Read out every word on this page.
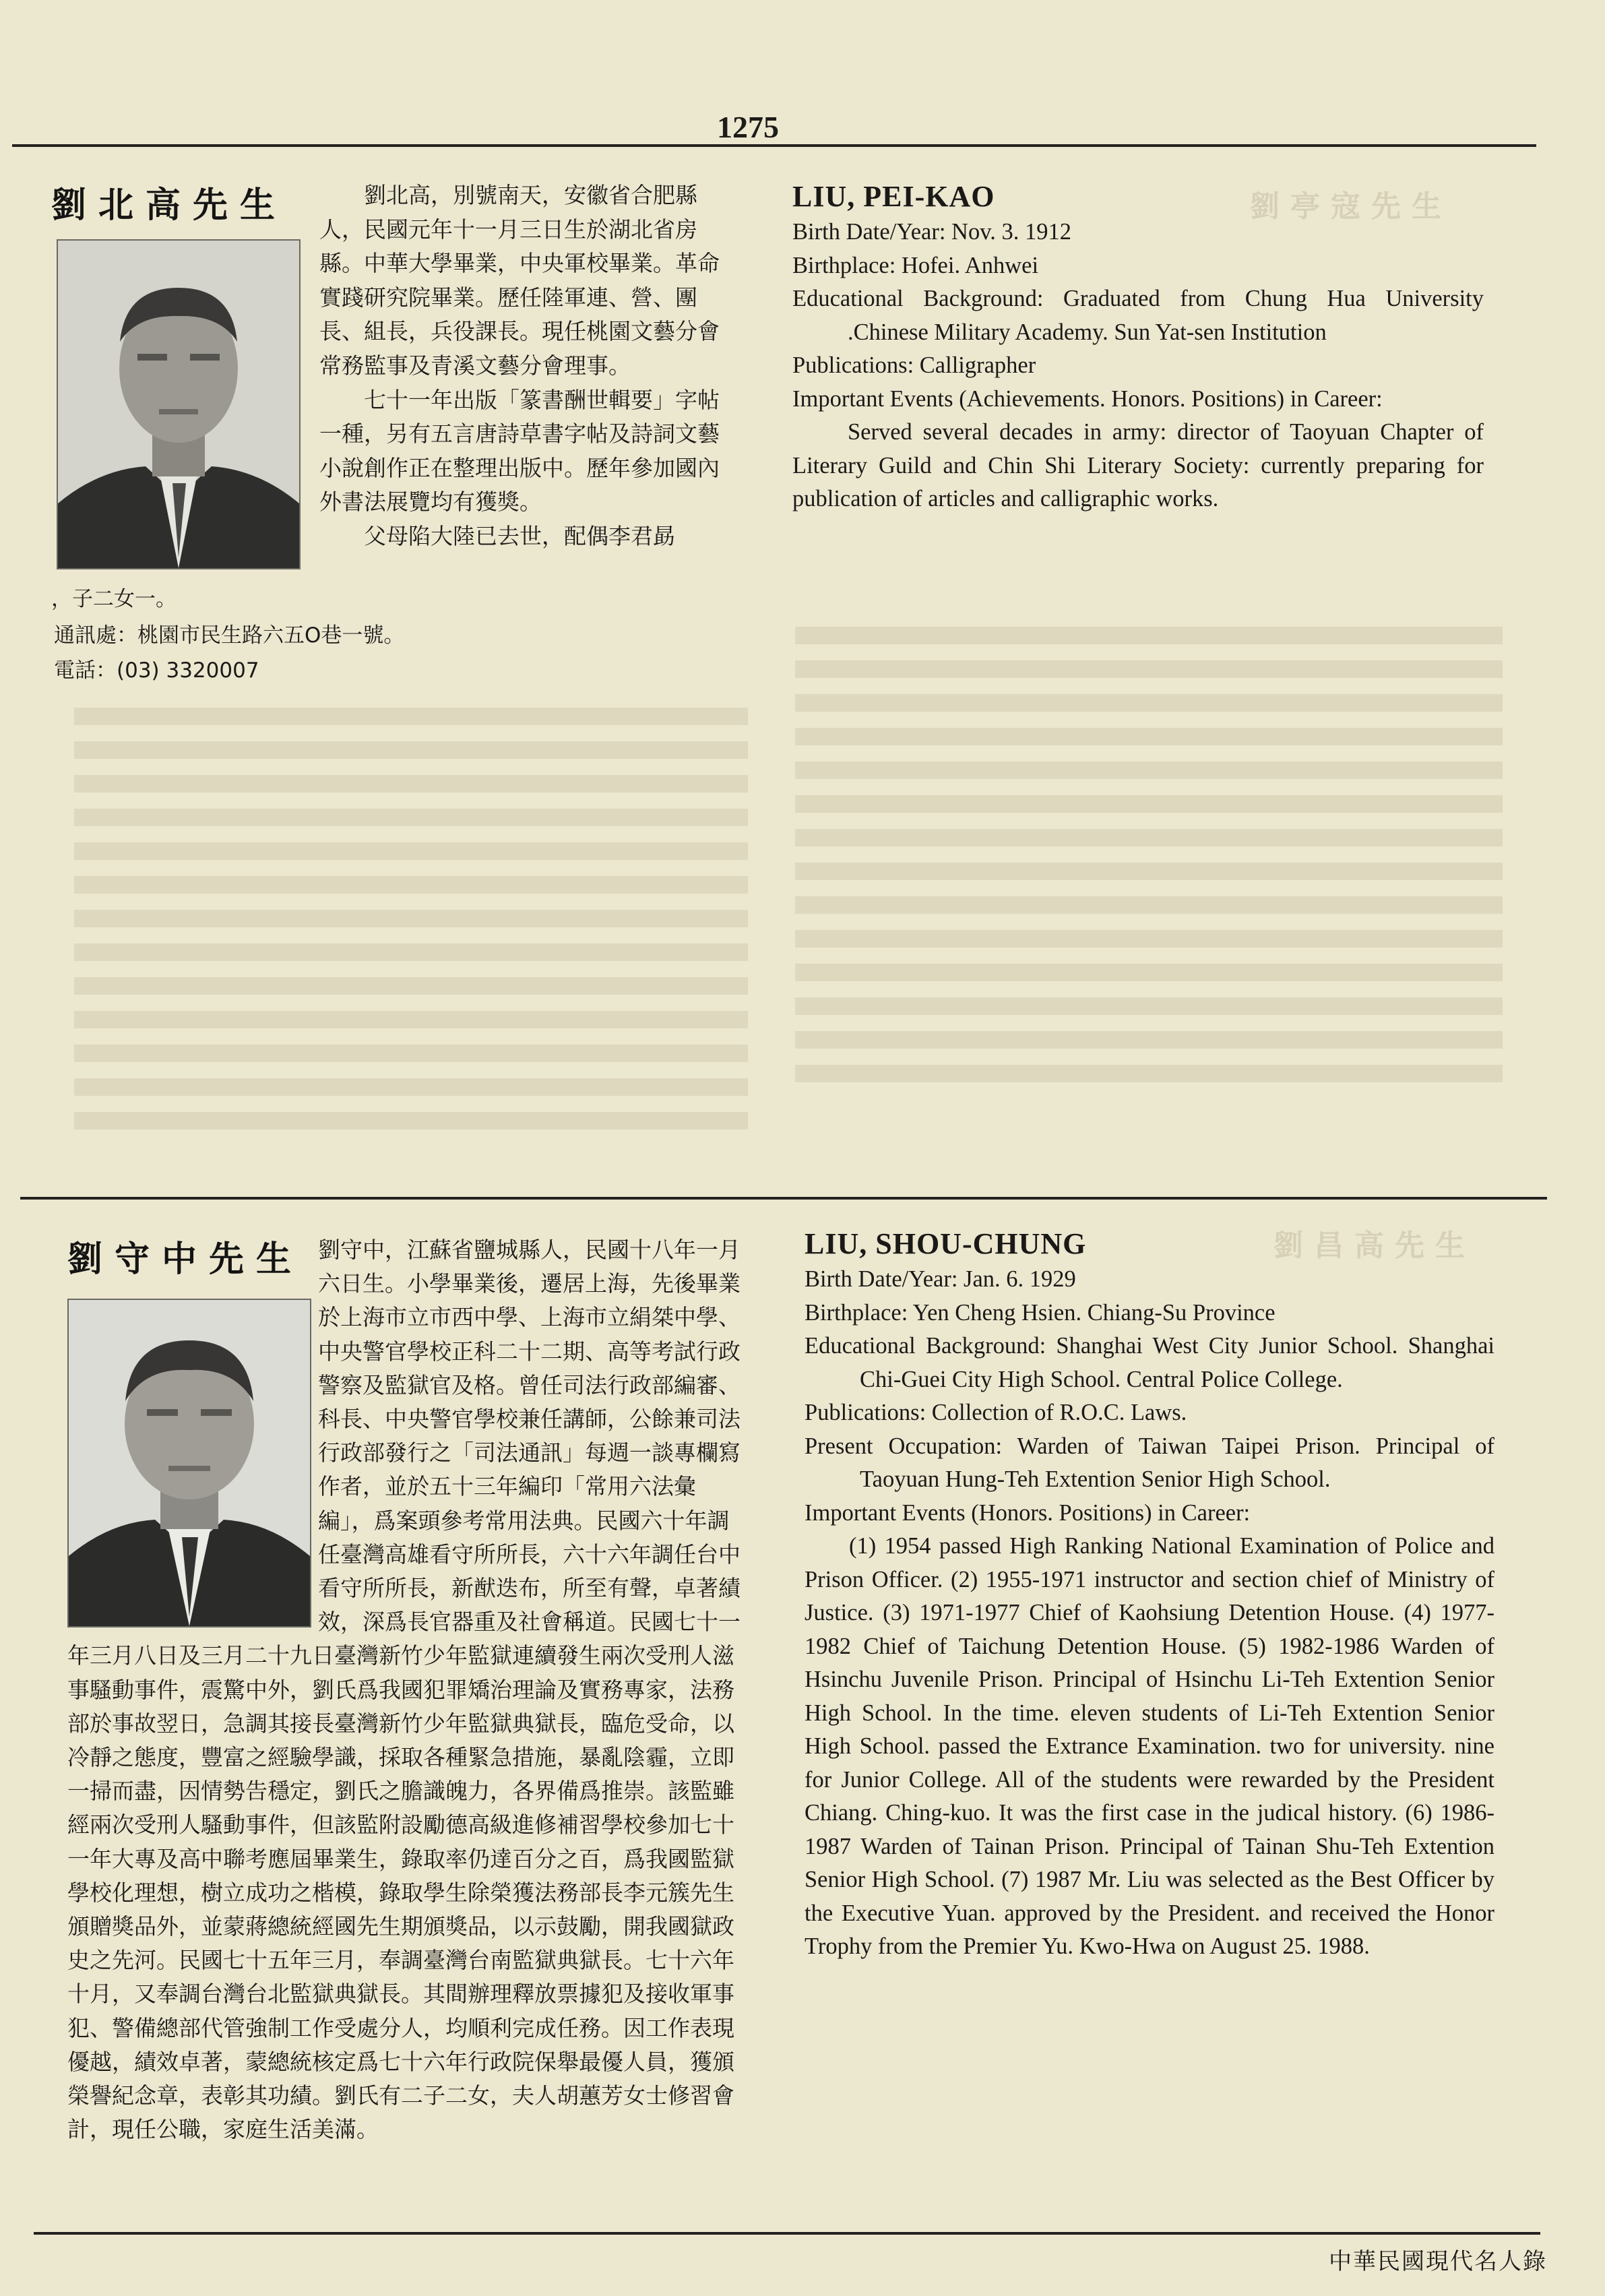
劉亭寇先生
劉昌高先生
1275
劉北高先生	劉北高，別號南天，安徽省合肥縣人，民國元年十一月三日生於湖北省房縣。中華大學畢業，中央軍校畢業。革命實踐研究院畢業。歷任陸軍連、營、團長、組長，兵役課長。現任桃園文藝分會常務監事及青溪文藝分會理事。

七十一年出版「篆書酬世輯要」字帖一種，另有五言唐詩草書字帖及詩詞文藝小說創作正在整理出版中。歷年參加國內外書法展覽均有獲獎。

父母陷大陸已去世，配偶李君勗

，子二女一。
通訊處：桃園市民生路六五O巷一號。
電話：(03) 3320007
LIU, PEI-KAO
Birth Date/Year: Nov. 3. 1912
Birthplace: Hofei. Anhwei
Educational Background: Graduated from Chung Hua University .Chinese Military Academy. Sun Yat-sen Institution
Publications: Calligrapher
Important Events (Achievements. Honors. Positions) in Career:

Served several decades in army: director of Taoyuan Chapter of Literary Guild and Chin Shi Literary Society: currently preparing for publication of articles and calligraphic works.

劉守中先生 劉守中，江蘇省鹽城縣人，民國十八年一月六日生。小學畢業後，遷居上海，先後畢業於上海市立市西中學、上海市立絹桀中學、中央警官學校正科二十二期、高等考試行政警察及監獄官及格。曾任司法行政部編審、科長、中央警官學校兼任講師，公餘兼司法行政部發行之「司法通訊」每週一談專欄寫作者，並於五十三年編印「常用六法彙編」，爲案頭參考常用法典。民國六十年調任臺灣高雄看守所所長，六十六年調任台中看守所所長，新猷迭布，所至有聲，卓著績效，深爲長官器重及社會稱道。民國七十一年三月八日及三月二十九日臺灣新竹少年監獄連續發生兩次受刑人滋事騷動事件，震驚中外，劉氏爲我國犯罪矯治理論及實務專家，法務部於事故翌日，急調其接長臺灣新竹少年監獄典獄長，臨危受命，以冷靜之態度，豐富之經驗學識，採取各種緊急措施，暴亂陰霾，立即一掃而盡，因情勢告穩定，劉氏之膽識魄力，各界備爲推崇。該監雖經兩次受刑人騷動事件，但該監附設勵德高級進修補習學校參加七十一年大專及高中聯考應屆畢業生，錄取率仍達百分之百，爲我國監獄學校化理想，樹立成功之楷模，錄取學生除榮獲法務部長李元簇先生頒贈獎品外，並蒙蔣總統經國先生期頒獎品，以示鼓勵，開我國獄政史之先河。民國七十五年三月，奉調臺灣台南監獄典獄長。七十六年十月，又奉調台灣台北監獄典獄長。其間辦理釋放票據犯及接收軍事犯、警備總部代管強制工作受處分人，均順利完成任務。因工作表現優越，績效卓著，蒙總統核定爲七十六年行政院保舉最優人員，獲頒榮譽紀念章，表彰其功績。劉氏有二子二女，夫人胡蕙芳女士修習會計，現任公職，家庭生活美滿。

LIU, SHOU-CHUNG
Birth Date/Year: Jan. 6. 1929
Birthplace: Yen Cheng Hsien. Chiang-Su Province
Educational Background: Shanghai West City Junior School. Shanghai Chi-Guei City High School. Central Police College.
Publications: Collection of R.O.C. Laws.
Present Occupation: Warden of Taiwan Taipei Prison. Principal of Taoyuan Hung-Teh Extention Senior High School.
Important Events (Honors. Positions) in Career:

(1) 1954 passed High Ranking National Examination of Police and Prison Officer. (2) 1955-1971 instructor and section chief of Ministry of Justice. (3) 1971-1977 Chief of Kaohsiung Detention House. (4) 1977-1982 Chief of Taichung Detention House. (5) 1982-1986 Warden of Hsinchu Juvenile Prison. Principal of Hsinchu Li-Teh Extention Senior High School. In the time. eleven students of Li-Teh Extention Senior High School. passed the Extrance Examination. two for university. nine for Junior College. All of the students were rewarded by the President Chiang. Ching-kuo. It was the first case in the judical history. (6) 1986-1987 Warden of Tainan Prison. Principal of Tainan Shu-Teh Extention Senior High School. (7) 1987 Mr. Liu was selected as the Best Officer by the Executive Yuan. approved by the President. and received the Honor Trophy from the Premier Yu. Kwo-Hwa on August 25. 1988.

中華民國現代名人錄
